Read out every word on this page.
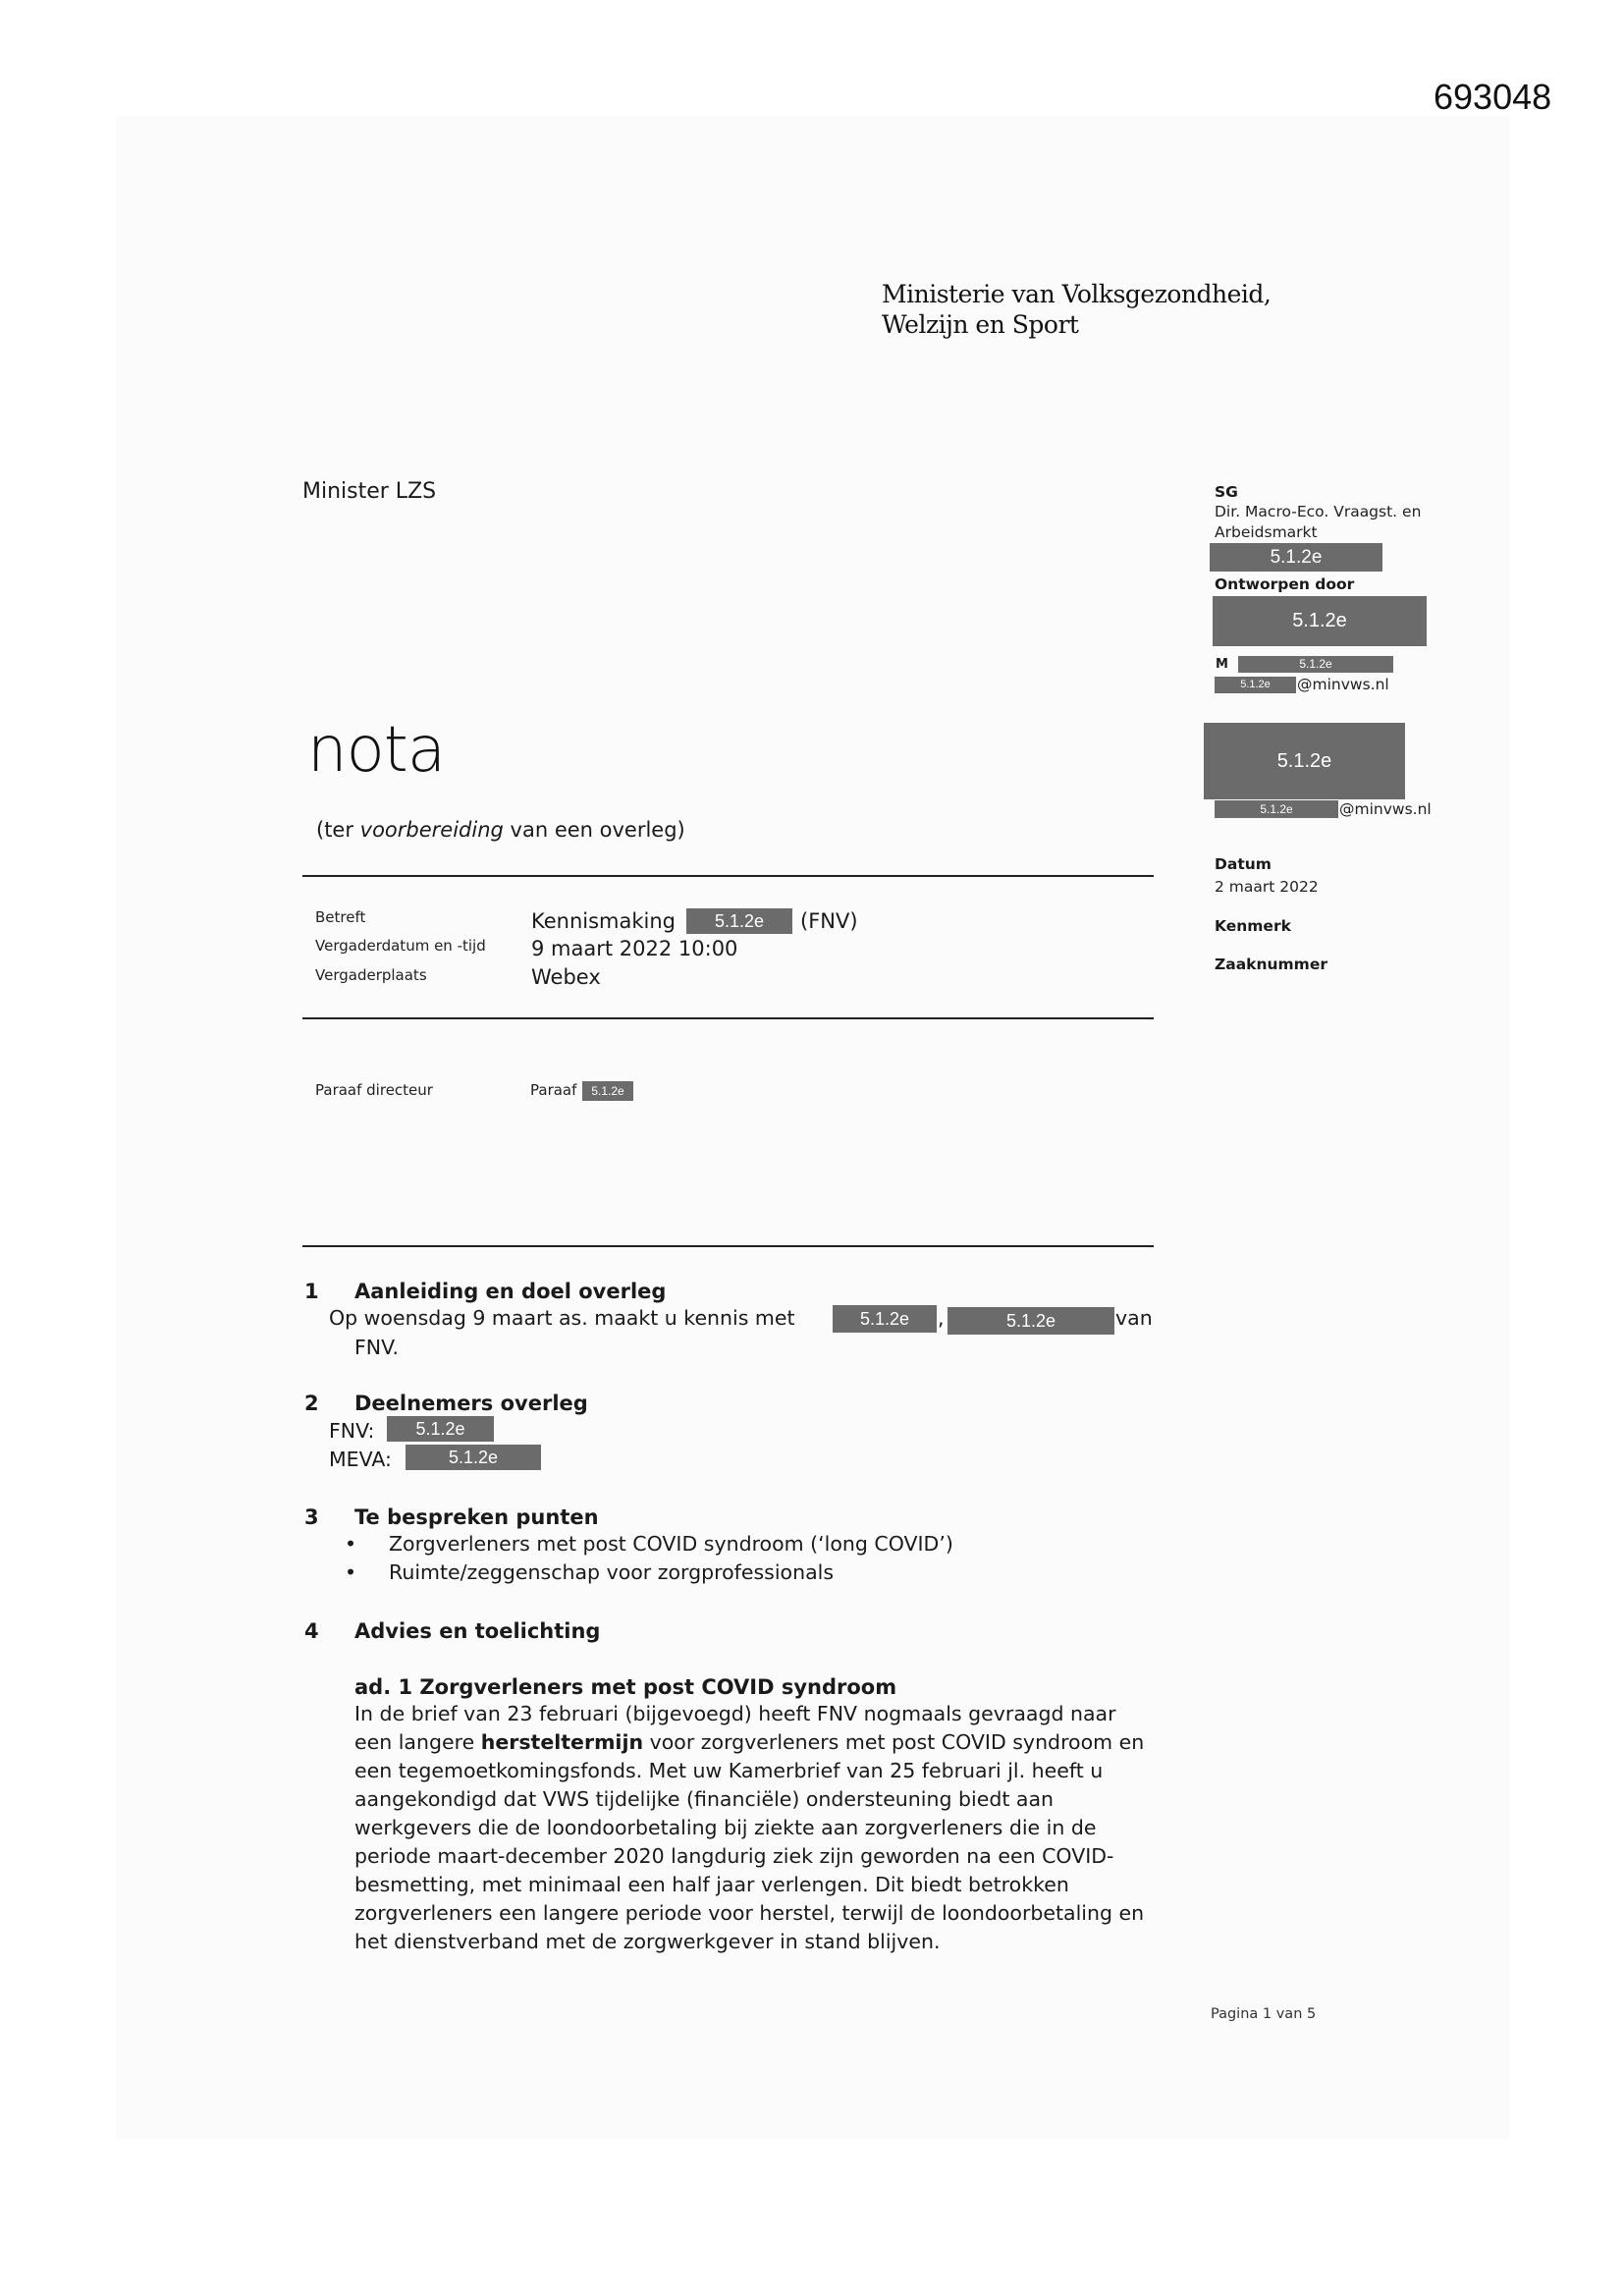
693048
Ministerie van Volksgezondheid,
Welzijn en Sport
Minister LZS	SG
Dir. Macro-Eco. Vraagst. en
Arbeidsmarkt
5.1.2e
Ontworpen door
5.1.2e
M	5.1.2e
5.1.2e	@minvws.nl
5.1.2e
5.1.2e	@minvws.nl
Datum
2 maart 2022
Kenmerk
Zaaknummer
nota
(ter voorbereiding van een overleg)
Betreft	Kennismaking	5.1.2e	(FNV)
Vergaderdatum en -tijd 9 maart 2022 10:00
Vergaderplaats	Webex
Paraaf directeur	Paraaf	5.1.2e
1 Aanleiding en doel overleg
Op woensdag 9 maart as. maakt u kennis met	5.1.2e	,	5.1.2e	van
FNV.
2 Deelnemers overleg
FNV:	5.1.2e
MEVA:	5.1.2e
3 Te bespreken punten
• Zorgverleners met post COVID syndroom (‘long COVID’)
• Ruimte/zeggenschap voor zorgprofessionals
4 Advies en toelichting
ad. 1 Zorgverleners met post COVID syndroom
In de brief van 23 februari (bijgevoegd) heeft FNV nogmaals gevraagd naar
een langere hersteltermijn voor zorgverleners met post COVID syndroom en
een tegemoetkomingsfonds. Met uw Kamerbrief van 25 februari jl. heeft u
aangekondigd dat VWS tijdelijke (financiële) ondersteuning biedt aan
werkgevers die de loondoorbetaling bij ziekte aan zorgverleners die in de
periode maart-december 2020 langdurig ziek zijn geworden na een COVID-
besmetting, met minimaal een half jaar verlengen. Dit biedt betrokken
zorgverleners een langere periode voor herstel, terwijl de loondoorbetaling en
het dienstverband met de zorgwerkgever in stand blijven.
Pagina 1 van 5
